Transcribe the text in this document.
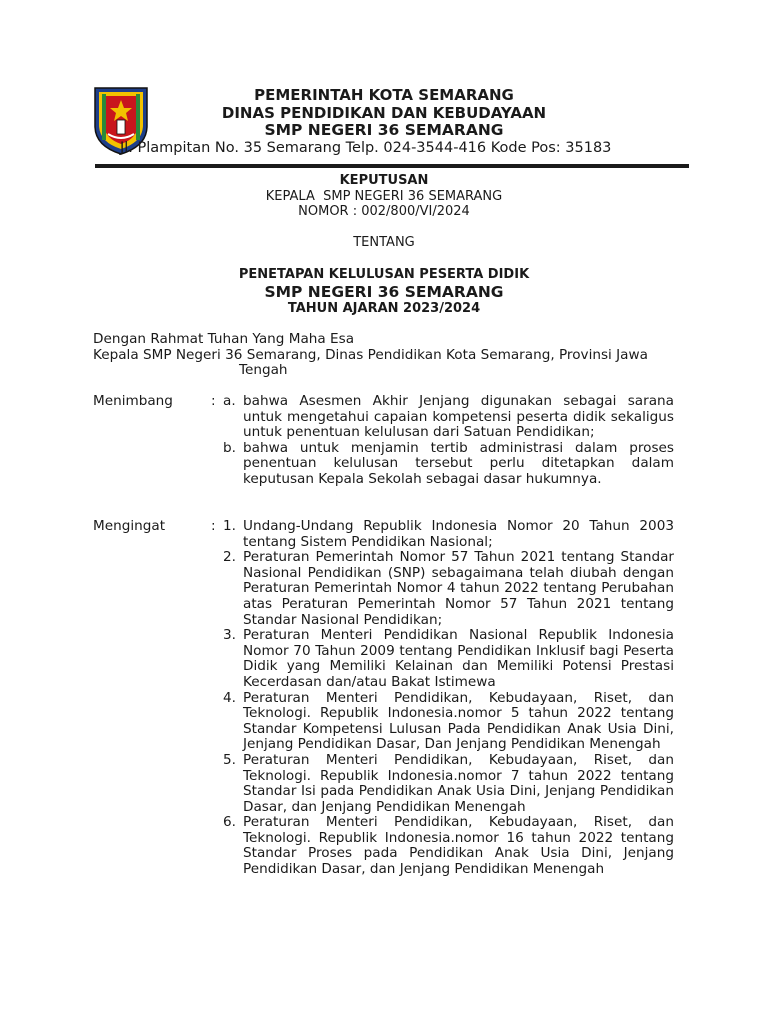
PEMERINTAH KOTA SEMARANG
DINAS PENDIDIKAN DAN KEBUDAYAAN
SMP NEGERI 36 SEMARANG
Jl. Plampitan No. 35 Semarang Telp. 024-3544-416 Kode Pos: 35183
KEPUTUSAN
KEPALA  SMP NEGERI 36 SEMARANG
NOMOR : 002/800/VI/2024
TENTANG
PENETAPAN KELULUSAN PESERTA DIDIK
SMP NEGERI 36 SEMARANG
TAHUN AJARAN 2023/2024
Dengan Rahmat Tuhan Yang Maha Esa
Kepala SMP Negeri 36 Semarang, Dinas Pendidikan Kota Semarang, Provinsi Jawa
Tengah
Menimbang	: a. bahwa Asesmen Akhir Jenjang digunakan sebagai sarana untuk mengetahui capaian kompetensi peserta didik sekaligus untuk penentuan kelulusan dari Satuan Pendidikan;
b. bahwa untuk menjamin tertib administrasi dalam proses penentuan kelulusan tersebut perlu ditetapkan dalam keputusan Kepala Sekolah sebagai dasar hukumnya.
Mengingat	: 1. Undang-Undang Republik Indonesia Nomor 20 Tahun 2003 tentang Sistem Pendidikan Nasional;
2. Peraturan Pemerintah Nomor 57 Tahun 2021 tentang Standar Nasional Pendidikan (SNP) sebagaimana telah diubah dengan Peraturan Pemerintah Nomor 4 tahun 2022 tentang Perubahan atas Peraturan Pemerintah Nomor 57 Tahun 2021 tentang Standar Nasional Pendidikan;
3. Peraturan Menteri Pendidikan Nasional Republik Indonesia Nomor 70 Tahun 2009 tentang Pendidikan Inklusif bagi Peserta Didik yang Memiliki Kelainan dan Memiliki Potensi Prestasi Kecerdasan dan/atau Bakat Istimewa
4. Peraturan Menteri Pendidikan, Kebudayaan, Riset, dan Teknologi. Republik Indonesia.nomor 5 tahun 2022 tentang Standar Kompetensi Lulusan Pada Pendidikan Anak Usia Dini, Jenjang Pendidikan Dasar, Dan Jenjang Pendidikan Menengah
5. Peraturan Menteri Pendidikan, Kebudayaan, Riset, dan Teknologi. Republik Indonesia.nomor 7 tahun 2022 tentang Standar Isi pada Pendidikan Anak Usia Dini, Jenjang Pendidikan Dasar, dan Jenjang Pendidikan Menengah
6. Peraturan Menteri Pendidikan, Kebudayaan, Riset, dan Teknologi. Republik Indonesia.nomor 16 tahun 2022 tentang Standar Proses pada Pendidikan Anak Usia Dini, Jenjang Pendidikan Dasar, dan Jenjang Pendidikan Menengah
